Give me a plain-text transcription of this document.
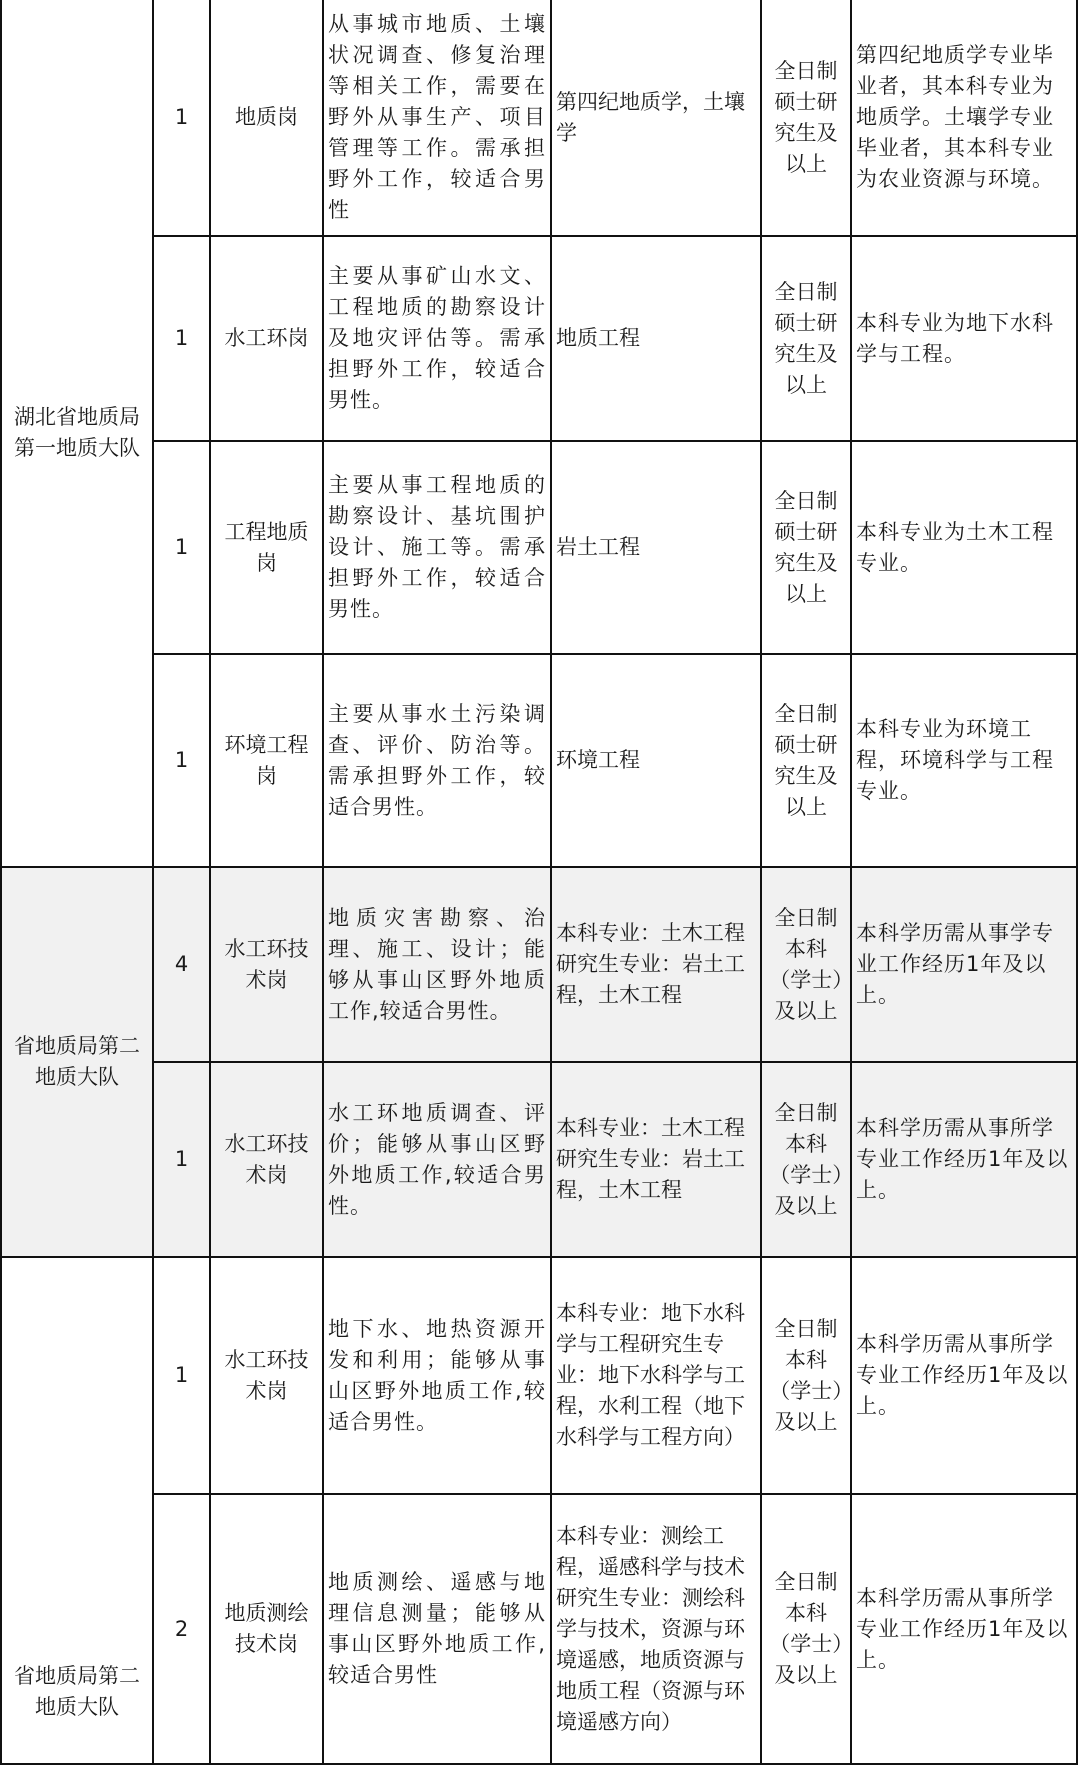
湖北省地质局第一地质大队	1	地质岗	从事城市地质、土壤状况调查、修复治理等相关工作，需要在野外从事生产、项目管理等工作。需承担野外工作，较适合男性	第四纪地质学，土壤学	全日制硕士研究生及以上	第四纪地质学专业毕业者，其本科专业为地质学。土壤学专业毕业者，其本科专业为农业资源与环境。
	1	水工环岗	主要从事矿山水文、工程地质的勘察设计及地灾评估等。需承担野外工作，较适合男性。	地质工程	全日制硕士研究生及以上	本科专业为地下水科学与工程。
	1	工程地质岗	主要从事工程地质的勘察设计、基坑围护设计、施工等。需承担野外工作，较适合男性。	岩土工程	全日制硕士研究生及以上	本科专业为土木工程专业。
	1	环境工程岗	主要从事水土污染调查、评价、防治等。需承担野外工作，较适合男性。	环境工程	全日制硕士研究生及以上	本科专业为环境工程，环境科学与工程专业。
省地质局第二地质大队	4	水工环技术岗	地质灾害勘察、治理、施工、设计；能够从事山区野外地质工作,较适合男性。	本科专业：土木工程研究生专业：岩土工程，土木工程	全日制本科（学士）及以上	本科学历需从事学专业工作经历1年及以上。
	1	水工环技术岗	水工环地质调查、评价；能够从事山区野外地质工作,较适合男性。	本科专业：土木工程研究生专业：岩土工程，土木工程	全日制本科（学士）及以上	本科学历需从事所学专业工作经历1年及以上。
省地质局第二地质大队	1	水工环技术岗	地下水、地热资源开发和利用；能够从事山区野外地质工作,较适合男性。	本科专业：地下水科学与工程研究生专业：地下水科学与工程，水利工程（地下水科学与工程方向）	全日制本科（学士）及以上	本科学历需从事所学专业工作经历1年及以上。
	2	地质测绘技术岗	地质测绘、遥感与地理信息测量；能够从事山区野外地质工作,较适合男性	本科专业：测绘工程，遥感科学与技术研究生专业：测绘科学与技术，资源与环境遥感，地质资源与地质工程（资源与环境遥感方向）	全日制本科（学士）及以上	本科学历需从事所学专业工作经历1年及以上。
